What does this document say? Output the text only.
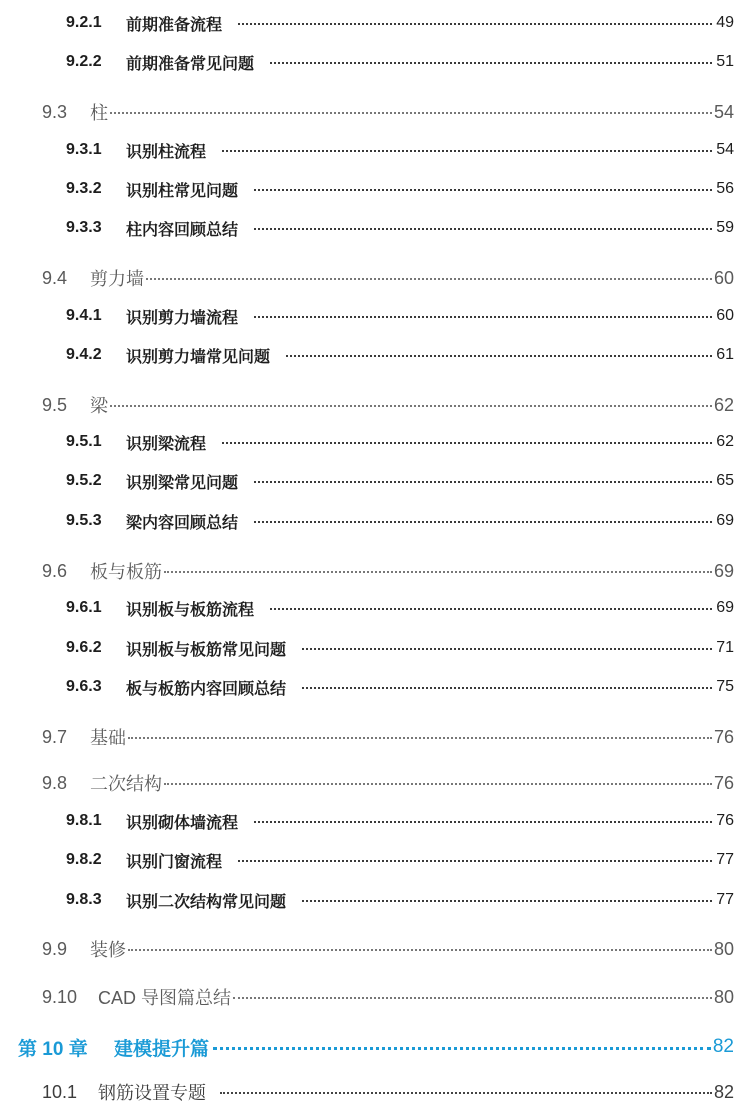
9.2.1	前期准备流程	49
9.2.2	前期准备常见问题	51
9.3	柱	54
9.3.1	识别柱流程	54
9.3.2	识别柱常见问题	56
9.3.3	柱内容回顾总结	59
9.4	剪力墙	60
9.4.1	识别剪力墙流程	60
9.4.2	识别剪力墙常见问题	61
9.5	梁	62
9.5.1	识别梁流程	62
9.5.2	识别梁常见问题	65
9.5.3	梁内容回顾总结	69
9.6	板与板筋	69
9.6.1	识别板与板筋流程	69
9.6.2	识别板与板筋常见问题	71
9.6.3	板与板筋内容回顾总结	75
9.7	基础	76
9.8	二次结构	76
9.8.1	识别砌体墙流程	76
9.8.2	识别门窗流程	77
9.8.3	识别二次结构常见问题	77
9.9	装修	80
9.10	CAD 导图篇总结	80
第 10 章	建模提升篇	82
10.1	钢筋设置专题	82
